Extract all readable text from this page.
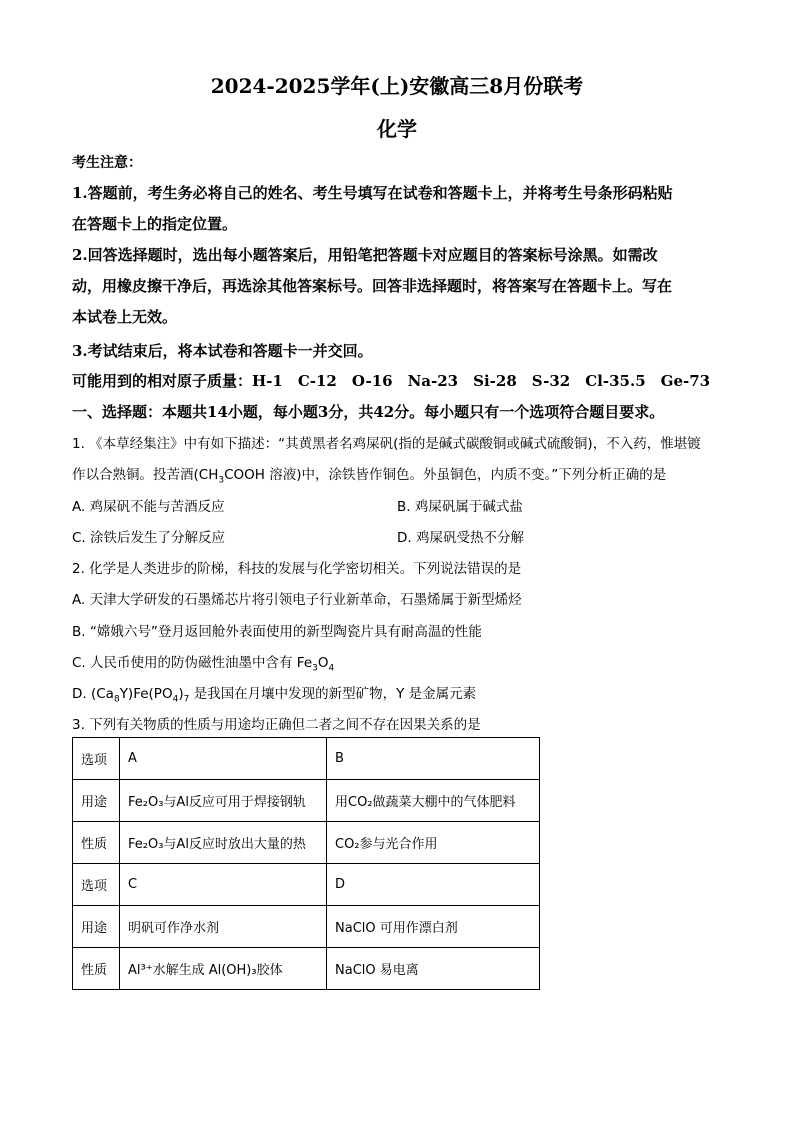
2024-2025学年(上)安徽高三8月份联考
化学
考生注意：
1.答题前，考生务必将自己的姓名、考生号填写在试卷和答题卡上，并将考生号条形码粘贴
在答题卡上的指定位置。
2.回答选择题时，选出每小题答案后，用铅笔把答题卡对应题目的答案标号涂黑。如需改
动，用橡皮擦干净后，再选涂其他答案标号。回答非选择题时，将答案写在答题卡上。写在
本试卷上无效。
3.考试结束后，将本试卷和答题卡一并交回。
可能用到的相对原子质量：H-1　C-12　O-16　Na-23　Si-28　S-32　Cl-35.5　Ge-73
一、选择题：本题共14小题，每小题3分，共42分。每小题只有一个选项符合题目要求。
1. 《本草经集注》中有如下描述：“其黄黑者名鸡屎矾(指的是碱式碳酸铜或碱式硫酸铜)，不入药，惟堪镀
作以合熟铜。投苦酒($CH_3COOH$ 溶液)中，涂铁皆作铜色。外虽铜色，内质不变。”下列分析正确的是
A. 鸡屎矾不能与苦酒反应	B. 鸡屎矾属于碱式盐
C. 涂铁后发生了分解反应	D. 鸡屎矾受热不分解
2. 化学是人类进步的阶梯，科技的发展与化学密切相关。下列说法错误的是
A. 天津大学研发的石墨烯芯片将引领电子行业新革命，石墨烯属于新型烯烃
B. “嫦娥六号”登月返回舱外表面使用的新型陶瓷片具有耐高温的性能
C. 人民币使用的防伪磁性油墨中含有 $Fe_3O_4$
D. $(Ca_8Y)Fe(PO_4)_7$ 是我国在月壤中发现的新型矿物，Y 是金属元素
3. 下列有关物质的性质与用途均正确但二者之间不存在因果关系的是
选项	A	B
用途	Fe₂O₃与Al反应可用于焊接钢轨	用CO₂做蔬菜大棚中的气体肥料
性质	Fe₂O₃与Al反应时放出大量的热	CO₂参与光合作用
选项	C	D
用途	明矾可作净水剂	NaClO 可用作漂白剂
性质	Al³⁺水解生成 Al(OH)₃胶体	NaClO 易电离
